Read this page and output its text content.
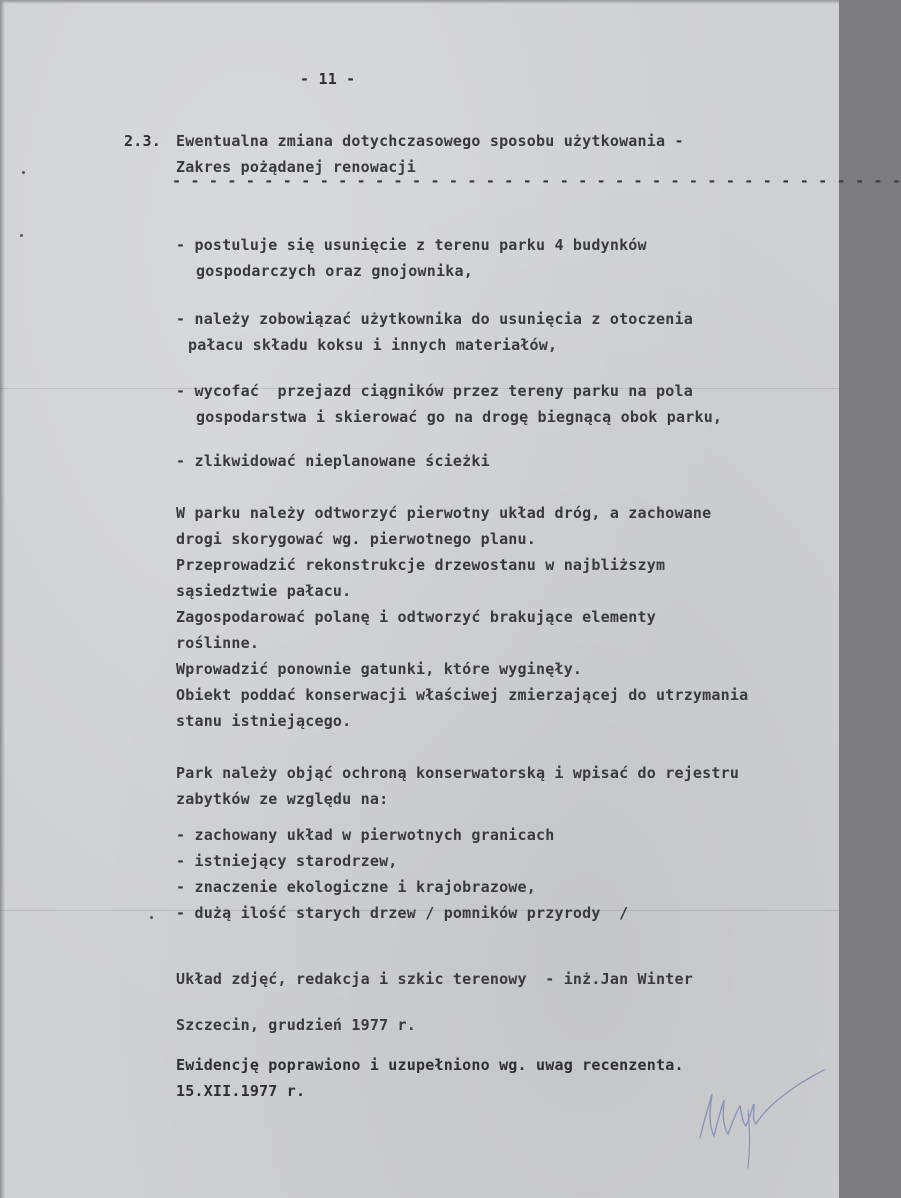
- 11 -
2.3. Ewentualna zmiana dotychczasowego sposobu użytkowania -
Zakres pożądanej renowacji
- - - - - - - - - - - - - - - - - - - - - - - - - - - - - - - - - - - - - - - -
- postuluje się usunięcie z terenu parku 4 budynków
gospodarczych oraz gnojownika,
- należy zobowiązać użytkownika do usunięcia z otoczenia
pałacu składu koksu i innych materiałów,
- wycofać  przejazd ciągników przez tereny parku na pola
gospodarstwa i skierować go na drogę biegnącą obok parku,
- zlikwidować nieplanowane ścieżki
W parku należy odtworzyć pierwotny układ dróg, a zachowane
drogi skorygować wg. pierwotnego planu.
Przeprowadzić rekonstrukcje drzewostanu w najbliższym
sąsiedztwie pałacu.
Zagospodarować polanę i odtworzyć brakujące elementy
roślinne.
Wprowadzić ponownie gatunki, które wyginęły.
Obiekt poddać konserwacji właściwej zmierzającej do utrzymania
stanu istniejącego.
Park należy objąć ochroną konserwatorską i wpisać do rejestru
zabytków ze względu na:
- zachowany układ w pierwotnych granicach
- istniejący starodrzew,
- znaczenie ekologiczne i krajobrazowe,
- dużą ilość starych drzew / pomników przyrody  /
Układ zdjęć, redakcja i szkic terenowy  - inż.Jan Winter
Szczecin, grudzień 1977 r.
Ewidencję poprawiono i uzupełniono wg. uwag recenzenta.
15.XII.1977 r.
